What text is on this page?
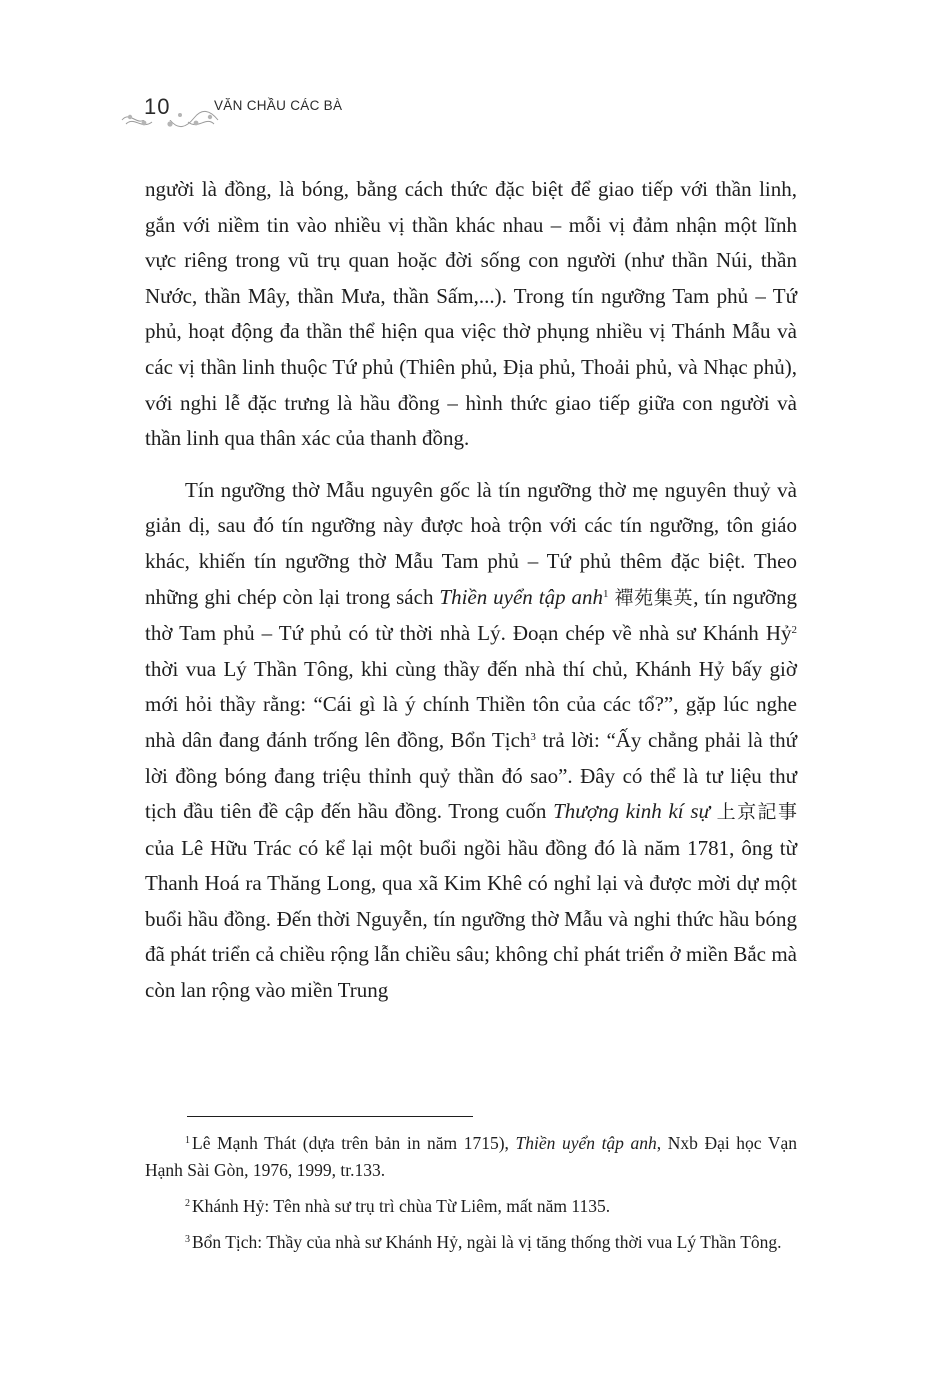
10	VĂN CHẦU CÁC BÀ

người là đồng, là bóng, bằng cách thức đặc biệt để giao tiếp với thần linh, gắn với niềm tin vào nhiều vị thần khác nhau – mỗi vị đảm nhận một lĩnh vực riêng trong vũ trụ quan hoặc đời sống con người (như thần Núi, thần Nước, thần Mây, thần Mưa, thần Sấm,...). Trong tín ngưỡng Tam phủ – Tứ phủ, hoạt động đa thần thể hiện qua việc thờ phụng nhiều vị Thánh Mẫu và các vị thần linh thuộc Tứ phủ (Thiên phủ, Địa phủ, Thoải phủ, và Nhạc phủ), với nghi lễ đặc trưng là hầu đồng – hình thức giao tiếp giữa con người và thần linh qua thân xác của thanh đồng.

Tín ngưỡng thờ Mẫu nguyên gốc là tín ngưỡng thờ mẹ nguyên thuỷ và giản dị, sau đó tín ngưỡng này được hoà trộn với các tín ngưỡng, tôn giáo khác, khiến tín ngưỡng thờ Mẫu Tam phủ – Tứ phủ thêm đặc biệt. Theo những ghi chép còn lại trong sách Thiền uyển tập anh$^1$ 禪苑集英, tín ngưỡng thờ Tam phủ – Tứ phủ có từ thời nhà Lý. Đoạn chép về nhà sư Khánh Hỷ$^2$ thời vua Lý Thần Tông, khi cùng thầy đến nhà thí chủ, Khánh Hỷ bấy giờ mới hỏi thầy rằng: “Cái gì là ý chính Thiền tôn của các tổ?”, gặp lúc nghe nhà dân đang đánh trống lên đồng, Bổn Tịch$^3$ trả lời: “Ấy chẳng phải là thứ lời đồng bóng đang triệu thỉnh quỷ thần đó sao”. Đây có thể là tư liệu thư tịch đầu tiên đề cập đến hầu đồng. Trong cuốn Thượng kinh kí sự 上京記事 của Lê Hữu Trác có kể lại một buổi ngồi hầu đồng đó là năm 1781, ông từ Thanh Hoá ra Thăng Long, qua xã Kim Khê có nghỉ lại và được mời dự một buổi hầu đồng. Đến thời Nguyễn, tín ngưỡng thờ Mẫu và nghi thức hầu bóng đã phát triển cả chiều rộng lẫn chiều sâu; không chỉ phát triển ở miền Bắc mà còn lan rộng vào miền Trung

$^1$ Lê Mạnh Thát (dựa trên bản in năm 1715), Thiền uyển tập anh, Nxb Đại học Vạn Hạnh Sài Gòn, 1976, 1999, tr.133.

$^2$ Khánh Hỷ: Tên nhà sư trụ trì chùa Từ Liêm, mất năm 1135.

$^3$ Bổn Tịch: Thầy của nhà sư Khánh Hỷ, ngài là vị tăng thống thời vua Lý Thần Tông.
